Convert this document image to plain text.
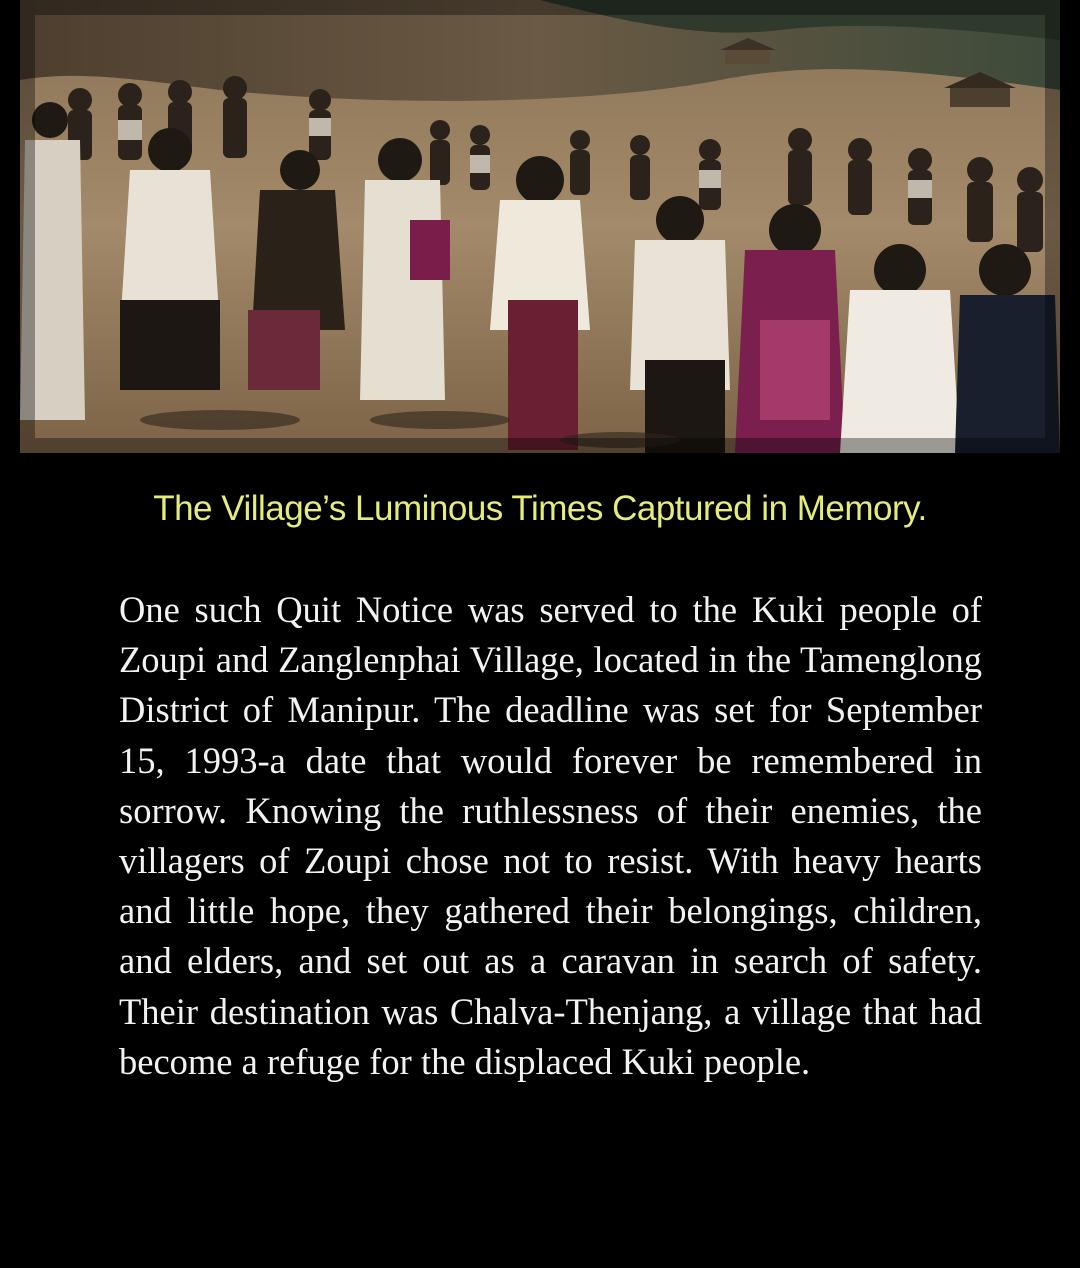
The Village’s Luminous Times Captured in Memory.

One such Quit Notice was served to the Kuki people of Zoupi and Zanglenphai Village, located in the Tamenglong District of Manipur. The deadline was set for September 15, 1993-a date that would forever be remembered in sorrow. Knowing the ruthlessness of their enemies, the villagers of Zoupi chose not to resist. With heavy hearts and little hope, they gathered their belongings, children, and elders, and set out as a caravan in search of safety. Their destination was Chalva-Thenjang, a village that had become a refuge for the displaced Kuki people.
